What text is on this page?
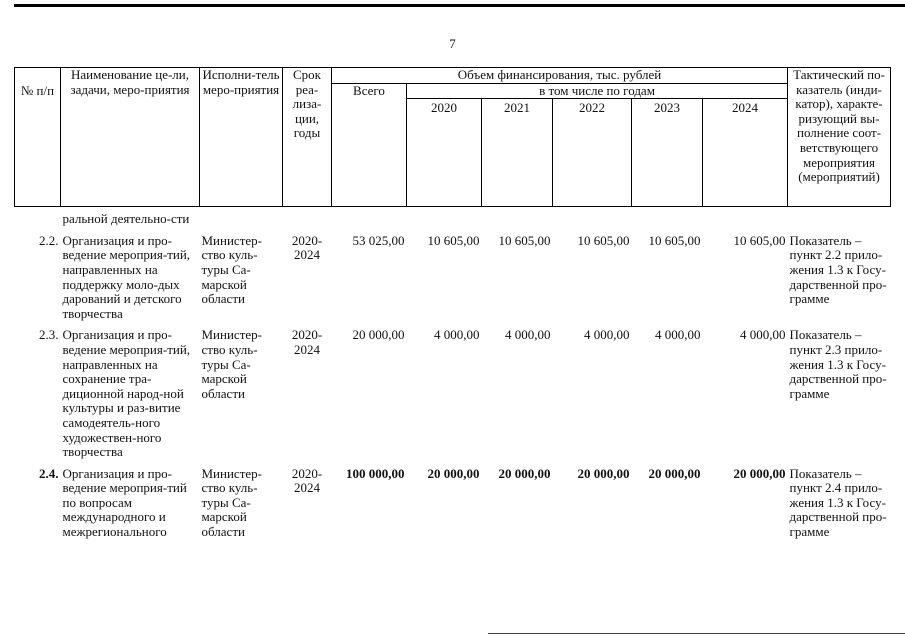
7
№ п/п	Наименование це-ли, задачи, меро-приятия	Исполни-тель меро-приятия	Срок реа-лиза-ции, годы	Объем финансирования, тыс. рублей						Тактический по-казатель (инди-катор), характе-ризующий вы-полнение соот-ветствующего мероприятия (мероприятий)
				Всего	в том числе по годам					
					2020	2021	2022	2023	2024	
	ральной деятельно-сти									
2.2.	Организация и про-ведение мероприя-тий, направленных на поддержку моло-дых дарований и детского творчества	Министер-ство куль-туры Са-марской области	2020-2024	53 025,00	10 605,00	10 605,00	10 605,00	10 605,00	10 605,00	Показатель – пункт 2.2 прило-жения 1.3 к Госу-дарственной про-грамме
2.3.	Организация и про-ведение мероприя-тий, направленных на сохранение тра-диционной народ-ной культуры и раз-витие самодеятель-ного художествен-ного творчества	Министер-ство куль-туры Са-марской области	2020-2024	20 000,00	4 000,00	4 000,00	4 000,00	4 000,00	4 000,00	Показатель – пункт 2.3 прило-жения 1.3 к Госу-дарственной про-грамме
2.4.	Организация и про-ведение мероприя-тий по вопросам международного и межрегионального	Министер-ство куль-туры Са-марской области	2020-2024	100 000,00	20 000,00	20 000,00	20 000,00	20 000,00	20 000,00	Показатель – пункт 2.4 прило-жения 1.3 к Госу-дарственной про-грамме
